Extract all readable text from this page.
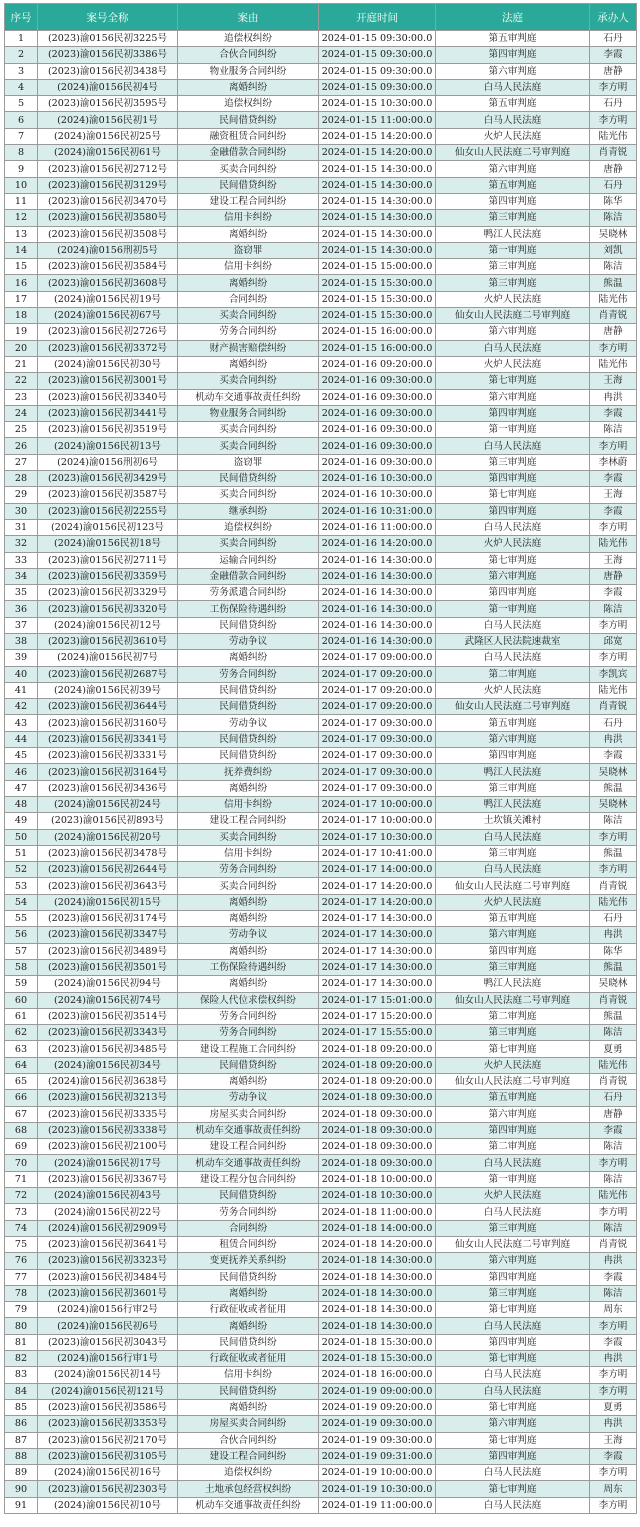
序号	案号全称	案由	开庭时间	法庭	承办人
1	(2023)渝0156民初3225号	追偿权纠纷	2024-01-15 09:30:00.0	第五审判庭	石丹
2	(2023)渝0156民初3386号	合伙合同纠纷	2024-01-15 09:30:00.0	第四审判庭	李霞
3	(2023)渝0156民初3438号	物业服务合同纠纷	2024-01-15 09:30:00.0	第六审判庭	唐静
4	(2024)渝0156民初4号	离婚纠纷	2024-01-15 09:30:00.0	白马人民法庭	李方明
5	(2023)渝0156民初3595号	追偿权纠纷	2024-01-15 10:30:00.0	第五审判庭	石丹
6	(2024)渝0156民初1号	民间借贷纠纷	2024-01-15 11:00:00.0	白马人民法庭	李方明
7	(2024)渝0156民初25号	融资租赁合同纠纷	2024-01-15 14:20:00.0	火炉人民法庭	陆光伟
8	(2024)渝0156民初61号	金融借款合同纠纷	2024-01-15 14:20:00.0	仙女山人民法庭二号审判庭	肖青锐
9	(2023)渝0156民初2712号	买卖合同纠纷	2024-01-15 14:30:00.0	第六审判庭	唐静
10	(2023)渝0156民初3129号	民间借贷纠纷	2024-01-15 14:30:00.0	第五审判庭	石丹
11	(2023)渝0156民初3470号	建设工程合同纠纷	2024-01-15 14:30:00.0	第四审判庭	陈华
12	(2023)渝0156民初3580号	信用卡纠纷	2024-01-15 14:30:00.0	第三审判庭	陈洁
13	(2023)渝0156民初3508号	离婚纠纷	2024-01-15 14:30:00.0	鸭江人民法庭	吴晓林
14	(2024)渝0156刑初5号	盗窃罪	2024-01-15 14:30:00.0	第一审判庭	刘凯
15	(2023)渝0156民初3584号	信用卡纠纷	2024-01-15 15:00:00.0	第三审判庭	陈洁
16	(2023)渝0156民初3608号	离婚纠纷	2024-01-15 15:30:00.0	第三审判庭	熊温
17	(2024)渝0156民初19号	合同纠纷	2024-01-15 15:30:00.0	火炉人民法庭	陆光伟
18	(2024)渝0156民初67号	买卖合同纠纷	2024-01-15 15:30:00.0	仙女山人民法庭二号审判庭	肖青锐
19	(2023)渝0156民初2726号	劳务合同纠纷	2024-01-15 16:00:00.0	第六审判庭	唐静
20	(2023)渝0156民初3372号	财产损害赔偿纠纷	2024-01-15 16:00:00.0	白马人民法庭	李方明
21	(2024)渝0156民初30号	离婚纠纷	2024-01-16 09:20:00.0	火炉人民法庭	陆光伟
22	(2023)渝0156民初3001号	买卖合同纠纷	2024-01-16 09:30:00.0	第七审判庭	王海
23	(2023)渝0156民初3340号	机动车交通事故责任纠纷	2024-01-16 09:30:00.0	第六审判庭	冉洪
24	(2023)渝0156民初3441号	物业服务合同纠纷	2024-01-16 09:30:00.0	第四审判庭	李霞
25	(2023)渝0156民初3519号	买卖合同纠纷	2024-01-16 09:30:00.0	第一审判庭	陈洁
26	(2024)渝0156民初13号	买卖合同纠纷	2024-01-16 09:30:00.0	白马人民法庭	李方明
27	(2024)渝0156刑初6号	盗窃罪	2024-01-16 09:30:00.0	第三审判庭	李林蔚
28	(2023)渝0156民初3429号	民间借贷纠纷	2024-01-16 10:30:00.0	第四审判庭	李霞
29	(2023)渝0156民初3587号	买卖合同纠纷	2024-01-16 10:30:00.0	第七审判庭	王海
30	(2023)渝0156民初2255号	继承纠纷	2024-01-16 10:31:00.0	第四审判庭	李霞
31	(2024)渝0156民初123号	追偿权纠纷	2024-01-16 11:00:00.0	白马人民法庭	李方明
32	(2024)渝0156民初18号	买卖合同纠纷	2024-01-16 14:20:00.0	火炉人民法庭	陆光伟
33	(2023)渝0156民初2711号	运输合同纠纷	2024-01-16 14:30:00.0	第七审判庭	王海
34	(2023)渝0156民初3359号	金融借款合同纠纷	2024-01-16 14:30:00.0	第六审判庭	唐静
35	(2023)渝0156民初3329号	劳务派遣合同纠纷	2024-01-16 14:30:00.0	第四审判庭	李霞
36	(2023)渝0156民初3320号	工伤保险待遇纠纷	2024-01-16 14:30:00.0	第一审判庭	陈洁
37	(2024)渝0156民初12号	民间借贷纠纷	2024-01-16 14:30:00.0	白马人民法庭	李方明
38	(2023)渝0156民初3610号	劳动争议	2024-01-16 14:30:00.0	武隆区人民法院速裁室	邱宽
39	(2024)渝0156民初7号	离婚纠纷	2024-01-17 09:00:00.0	白马人民法庭	李方明
40	(2023)渝0156民初2687号	劳务合同纠纷	2024-01-17 09:20:00.0	第二审判庭	李凯宾
41	(2024)渝0156民初39号	民间借贷纠纷	2024-01-17 09:20:00.0	火炉人民法庭	陆光伟
42	(2023)渝0156民初3644号	民间借贷纠纷	2024-01-17 09:20:00.0	仙女山人民法庭二号审判庭	肖青锐
43	(2023)渝0156民初3160号	劳动争议	2024-01-17 09:30:00.0	第五审判庭	石丹
44	(2023)渝0156民初3341号	民间借贷纠纷	2024-01-17 09:30:00.0	第六审判庭	冉洪
45	(2023)渝0156民初3331号	民间借贷纠纷	2024-01-17 09:30:00.0	第四审判庭	李霞
46	(2023)渝0156民初3164号	抚养费纠纷	2024-01-17 09:30:00.0	鸭江人民法庭	吴晓林
47	(2023)渝0156民初3436号	离婚纠纷	2024-01-17 09:30:00.0	第三审判庭	熊温
48	(2024)渝0156民初24号	信用卡纠纷	2024-01-17 10:00:00.0	鸭江人民法庭	吴晓林
49	(2023)渝0156民初893号	建设工程合同纠纷	2024-01-17 10:00:00.0	土坎镇关滩村	陈洁
50	(2024)渝0156民初20号	买卖合同纠纷	2024-01-17 10:30:00.0	白马人民法庭	李方明
51	(2023)渝0156民初3478号	信用卡纠纷	2024-01-17 10:41:00.0	第三审判庭	熊温
52	(2023)渝0156民初2644号	劳务合同纠纷	2024-01-17 14:00:00.0	白马人民法庭	李方明
53	(2023)渝0156民初3643号	买卖合同纠纷	2024-01-17 14:20:00.0	仙女山人民法庭二号审判庭	肖青锐
54	(2024)渝0156民初15号	离婚纠纷	2024-01-17 14:20:00.0	火炉人民法庭	陆光伟
55	(2023)渝0156民初3174号	离婚纠纷	2024-01-17 14:30:00.0	第五审判庭	石丹
56	(2023)渝0156民初3347号	劳动争议	2024-01-17 14:30:00.0	第六审判庭	冉洪
57	(2023)渝0156民初3489号	离婚纠纷	2024-01-17 14:30:00.0	第四审判庭	陈华
58	(2023)渝0156民初3501号	工伤保险待遇纠纷	2024-01-17 14:30:00.0	第三审判庭	熊温
59	(2024)渝0156民初94号	离婚纠纷	2024-01-17 14:30:00.0	鸭江人民法庭	吴晓林
60	(2024)渝0156民初74号	保险人代位求偿权纠纷	2024-01-17 15:01:00.0	仙女山人民法庭二号审判庭	肖青锐
61	(2023)渝0156民初3514号	劳务合同纠纷	2024-01-17 15:20:00.0	第二审判庭	熊温
62	(2023)渝0156民初3343号	劳务合同纠纷	2024-01-17 15:55:00.0	第三审判庭	陈洁
63	(2023)渝0156民初3485号	建设工程施工合同纠纷	2024-01-18 09:20:00.0	第七审判庭	夏勇
64	(2024)渝0156民初34号	民间借贷纠纷	2024-01-18 09:20:00.0	火炉人民法庭	陆光伟
65	(2024)渝0156民初3638号	离婚纠纷	2024-01-18 09:20:00.0	仙女山人民法庭二号审判庭	肖青锐
66	(2023)渝0156民初3213号	劳动争议	2024-01-18 09:30:00.0	第五审判庭	石丹
67	(2023)渝0156民初3335号	房屋买卖合同纠纷	2024-01-18 09:30:00.0	第六审判庭	唐静
68	(2023)渝0156民初3338号	机动车交通事故责任纠纷	2024-01-18 09:30:00.0	第四审判庭	李霞
69	(2023)渝0156民初2100号	建设工程合同纠纷	2024-01-18 09:30:00.0	第二审判庭	陈洁
70	(2024)渝0156民初17号	机动车交通事故责任纠纷	2024-01-18 09:30:00.0	白马人民法庭	李方明
71	(2023)渝0156民初3367号	建设工程分包合同纠纷	2024-01-18 10:00:00.0	第一审判庭	陈洁
72	(2024)渝0156民初43号	民间借贷纠纷	2024-01-18 10:30:00.0	火炉人民法庭	陆光伟
73	(2024)渝0156民初22号	劳务合同纠纷	2024-01-18 11:00:00.0	白马人民法庭	李方明
74	(2024)渝0156民初2909号	合同纠纷	2024-01-18 14:00:00.0	第三审判庭	陈洁
75	(2023)渝0156民初3641号	租赁合同纠纷	2024-01-18 14:20:00.0	仙女山人民法庭二号审判庭	肖青锐
76	(2023)渝0156民初3323号	变更抚养关系纠纷	2024-01-18 14:30:00.0	第六审判庭	冉洪
77	(2023)渝0156民初3484号	民间借贷纠纷	2024-01-18 14:30:00.0	第四审判庭	李霞
78	(2023)渝0156民初3601号	离婚纠纷	2024-01-18 14:30:00.0	第三审判庭	陈洁
79	(2024)渝0156行审2号	行政征收或者征用	2024-01-18 14:30:00.0	第七审判庭	周东
80	(2024)渝0156民初6号	离婚纠纷	2024-01-18 14:30:00.0	白马人民法庭	李方明
81	(2023)渝0156民初3043号	民间借贷纠纷	2024-01-18 15:30:00.0	第四审判庭	李霞
82	(2024)渝0156行审1号	行政征收或者征用	2024-01-18 15:30:00.0	第七审判庭	冉洪
83	(2024)渝0156民初14号	信用卡纠纷	2024-01-18 16:00:00.0	白马人民法庭	李方明
84	(2024)渝0156民初121号	民间借贷纠纷	2024-01-19 09:00:00.0	白马人民法庭	李方明
85	(2023)渝0156民初3586号	离婚纠纷	2024-01-19 09:20:00.0	第七审判庭	夏勇
86	(2023)渝0156民初3353号	房屋买卖合同纠纷	2024-01-19 09:30:00.0	第六审判庭	冉洪
87	(2023)渝0156民初2170号	合伙合同纠纷	2024-01-19 09:30:00.0	第七审判庭	王海
88	(2023)渝0156民初3105号	建设工程合同纠纷	2024-01-19 09:31:00.0	第四审判庭	李霞
89	(2024)渝0156民初16号	追偿权纠纷	2024-01-19 10:00:00.0	白马人民法庭	李方明
90	(2023)渝0156民初2303号	土地承包经营权纠纷	2024-01-19 10:30:00.0	第七审判庭	周东
91	(2024)渝0156民初10号	机动车交通事故责任纠纷	2024-01-19 11:00:00.0	白马人民法庭	李方明
